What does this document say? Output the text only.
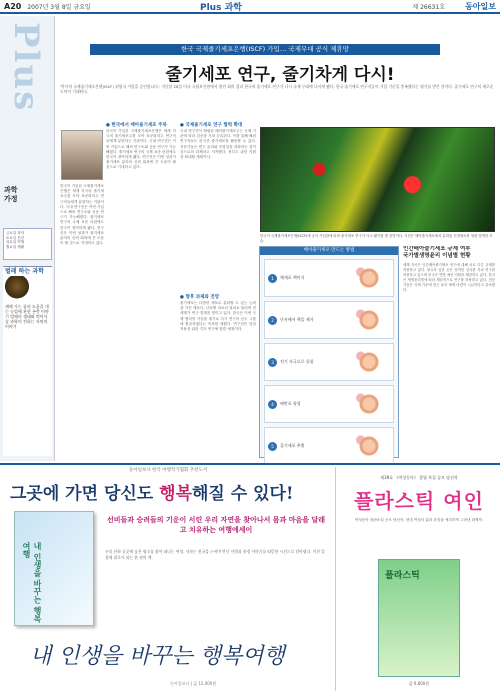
A20 2007년 3월 8일 금요일	Plus 과학	제 26631호	동아일보
Plus
과학
가정
금요일 과학
토요일 건강
일요일 여행
월요일 생활
벌레 하는 과학
재배 가는 꿈의 도움을 내는 농업에 관한 곤충 이야기 벌레의 생태와 먹이사슬 과학이 전하는 자연의 이야기
한국 국제줄기세포은행(ISCF) 가입… 국제무대 공식 제휴망
줄기세포 연구, 줄기차게 다시!
'박사의 국제줄기세포은행(ISCF) 위원국 가입을 승인합니다.' 지난달 28일 미국 국립보건원에서 열린 회의 결과 한국의 줄기세포 연구가 다시 국제 무대에 나서게 됐다. 한국 줄기세포 연구자들이 가입 기준을 충족했다는 평가를 받은 것이다. 줄기세포 연구의 새로운 도약이 기대된다.
● 한국에서 배아줄기세포 주목
한국이 가입한 국제줄기세포은행은 세계 각국의 줄기세포주를 모아 표준화하고 연구자들에게 분양하는 기관이다. 국내 연구진은 이번 가입으로 해외 연구소와 공동 연구가 가능해졌다. 줄기세포 연구의 국제 표준 마련에도 한국이 참여하게 됐다. 연구진은 이번 성과가 줄기세포 분야의 신뢰 회복에 큰 도움이 될 것으로 기대하고 있다.
● 국제줄기세포 연구 협력 확대
국내 연구진이 확립한 배아줄기세포주는 국제 기준에 따라 검증을 거쳐 등록된다. 이를 통해 해외 연구자들도 한국산 줄기세포를 활용할 수 있다. 전문가들은 연구 윤리와 투명성을 강화하는 것이 앞으로의 과제라고 지적했다. 정부도 관련 지원을 확대할 계획이다.
● 향후 과제와 전망
줄기세포는 다양한 세포로 분화할 수 있는 능력을 가진 세포다. 난치병 치료의 열쇠로 불리며 전 세계가 연구 경쟁을 벌이고 있다. 한국은 이번 국제 협력망 가입을 계기로 다시 연구의 선두 그룹에 합류하겠다는 목표를 세웠다. 연구진은 임상 적용을 위한 기초 연구에 힘쓸 예정이다.
한국이 가입한 국제줄기세포은행은 세계 각국의 줄기세포주를 모아 표준화하고 연구자들에게 분양하는 기관이다. 국내 연구진은 이번 가입으로 해외 연구소와 공동 연구가 가능해졌다. 줄기세포 연구의 국제 표준 마련에도 한국이 참여하게 됐다. 연구진은 이번 성과가 줄기세포 분야의 신뢰 회복에 큰 도움이 될 것으로 기대하고 있다.
한국이 국제줄기세포은행(ISCF)에 공식 가입함에 따라 줄기세포 연구가 다시 활기를 띨 전망이다. 사진은 배아줄기세포에서 분화된 신경세포를 형광 염색한 모습.
배아줄기세포 만드는 방법
1	체세포 핵이식
2	난자에서 핵을 제거
3	전기 자극으로 융합
4	배반포 형성
5	줄기세포 추출
인간배아줄기세포 규제 여부
국가별생명윤리 이념별 현황
세계 각국은 인간배아줄기세포 연구에 대해 서로 다른 규제를 적용하고 있다. 영국과 일본 등은 엄격한 심사를 거쳐 연구를 허용하고 있으며 미국은 연방 예산 지원을 제한하고 있다. 한국은 생명윤리법에 따라 제한적으로 연구를 허용하고 있다. 전문가들은 국제 기준에 맞는 윤리 체계 마련이 시급하다고 강조했다.
동아일보사 한국 여행작가협회 추천도서
그곳에 가면 당신도 행복해질 수 있다!
내 인생을 바꾸는 행복여행
선비들과 승려들의 기운이 서린 우리 자연을 찾아나서 몸과 마음을 달래고 치유하는 여행에세이
우리 산하 곳곳에 숨은 명소를 찾아 떠나는 여정. 저자는 전국을 누비며 만난 사람과 풍경 이야기를 따뜻한 시선으로 담아냈다. 지친 일상에 위로가 되는 한 권의 책.
내 인생을 바꾸는 행복여행
동아일보사 | 값 12,000원
제39호 《여성동아》 창립 특집 공모 당선작
플라스틱 여인
여성동아 장편소설 공모 당선작. 현대 여성의 삶과 욕망을 예리하게 그려낸 화제작.
플라스틱
값 9,800원
